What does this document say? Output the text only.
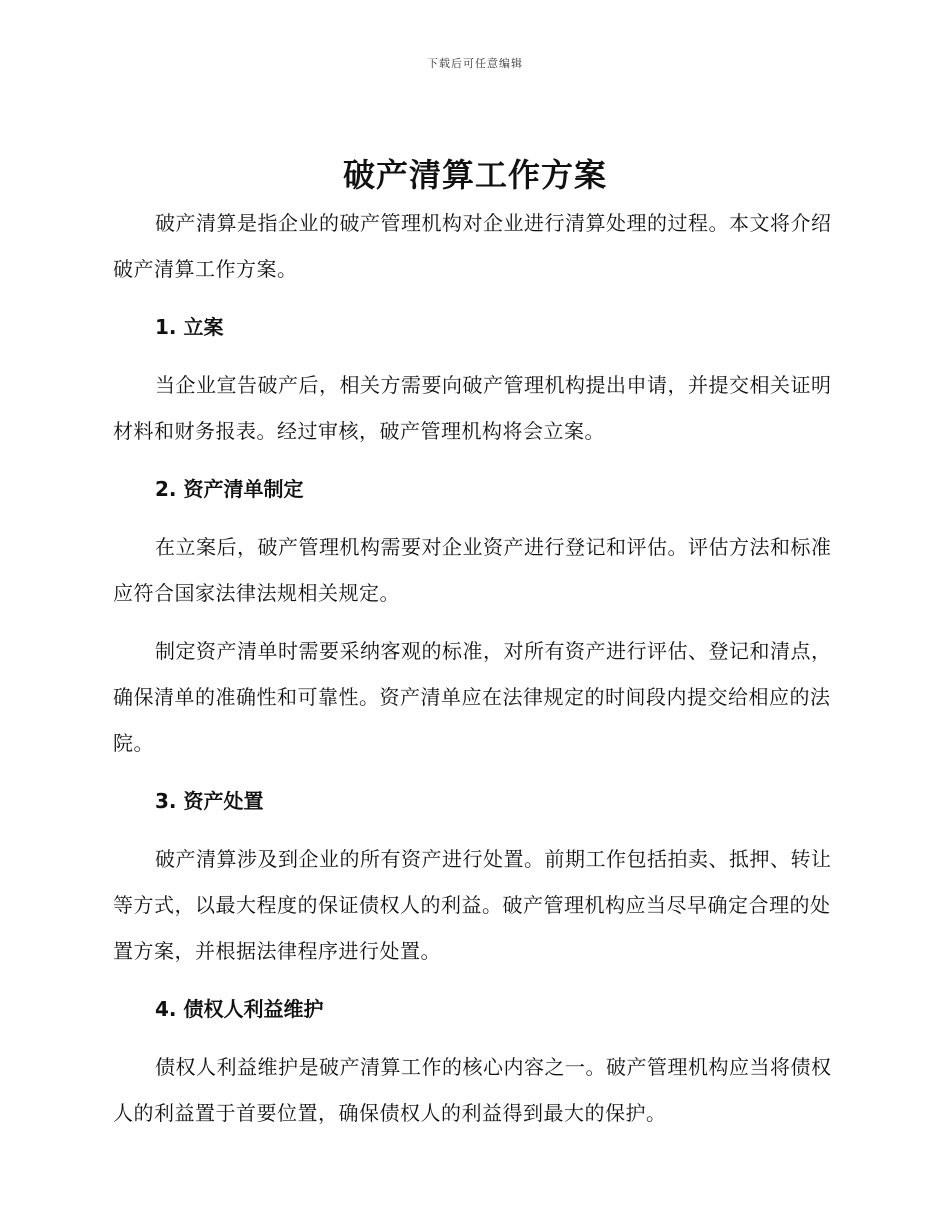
下载后可任意编辑
破产清算工作方案

破产清算是指企业的破产管理机构对企业进行清算处理的过程。本文将介绍破产清算工作方案。

1. 立案

当企业宣告破产后，相关方需要向破产管理机构提出申请，并提交相关证明材料和财务报表。经过审核，破产管理机构将会立案。

2. 资产清单制定

在立案后，破产管理机构需要对企业资产进行登记和评估。评估方法和标准应符合国家法律法规相关规定。

制定资产清单时需要采纳客观的标准，对所有资产进行评估、登记和清点，确保清单的准确性和可靠性。资产清单应在法律规定的时间段内提交给相应的法院。

3. 资产处置

破产清算涉及到企业的所有资产进行处置。前期工作包括拍卖、抵押、转让等方式，以最大程度的保证债权人的利益。破产管理机构应当尽早确定合理的处置方案，并根据法律程序进行处置。

4. 债权人利益维护

债权人利益维护是破产清算工作的核心内容之一。破产管理机构应当将债权人的利益置于首要位置，确保债权人的利益得到最大的保护。
